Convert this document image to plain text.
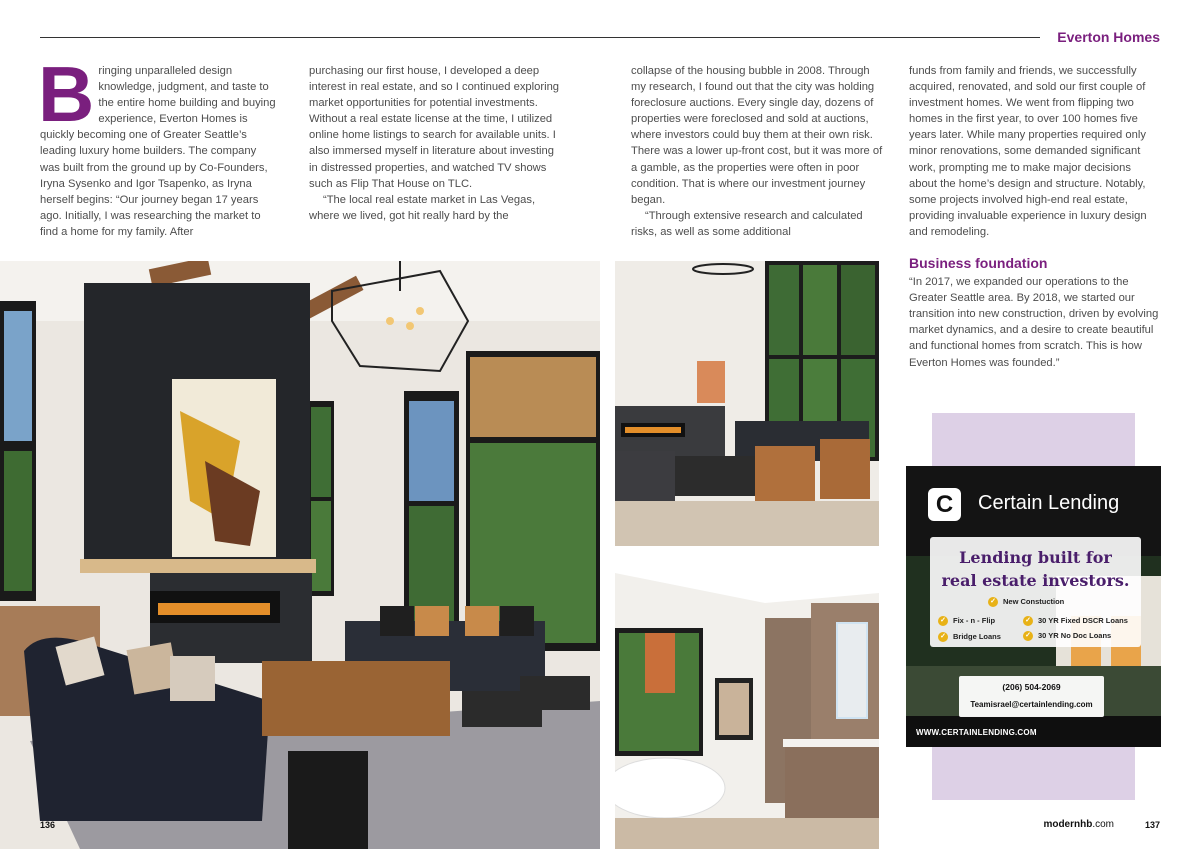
Everton Homes
B ringing unparalleled design knowledge, judgment, and taste to the entire home building and buying experience, Everton Homes is quickly becoming one of Greater Seattle’s leading luxury home builders. The company was built from the ground up by Co-Founders, Iryna Sysenko and Igor Tsapenko, as Iryna herself begins: “Our journey began 17 years ago. Initially, I was researching the market to find a home for my family. After

purchasing our first house, I developed a deep interest in real estate, and so I continued exploring market opportunities for potential investments. Without a real estate license at the time, I utilized online home listings to search for available units. I also immersed myself in literature about investing in distressed properties, and watched TV shows such as Flip That House on TLC.

“The local real estate market in Las Vegas, where we lived, got hit really hard by the

collapse of the housing bubble in 2008. Through my research, I found out that the city was holding foreclosure auctions. Every single day, dozens of properties were foreclosed and sold at auctions, where investors could buy them at their own risk. There was a lower up-front cost, but it was more of a gamble, as the properties were often in poor condition. That is where our investment journey began.

“Through extensive research and calculated risks, as well as some additional

funds from family and friends, we successfully acquired, renovated, and sold our first couple of investment homes. We went from flipping two homes in the first year, to over 100 homes five years later. While many properties required only minor renovations, some demanded significant work, prompting me to make major decisions about the home’s design and structure. Notably, some projects involved high-end real estate, providing invaluable experience in luxury design and remodeling.

Business foundation

“In 2017, we expanded our operations to the Greater Seattle area. By 2018, we started our transition into new construction, driven by evolving market dynamics, and a desire to create beautiful and functional homes from scratch. This is how Everton Homes was founded.”

C	Certain Lending
Lending built for
real estate investors.
✓ New Constuction
✓ Fix - n - Flip
✓ Bridge Loans
✓ 30 YR Fixed DSCR Loans
✓ 30 YR No Doc Loans
(206) 504-2069
Teamisrael@certainlending.com
WWW.CERTAINLENDING.COM
136	modernhb.com	137
